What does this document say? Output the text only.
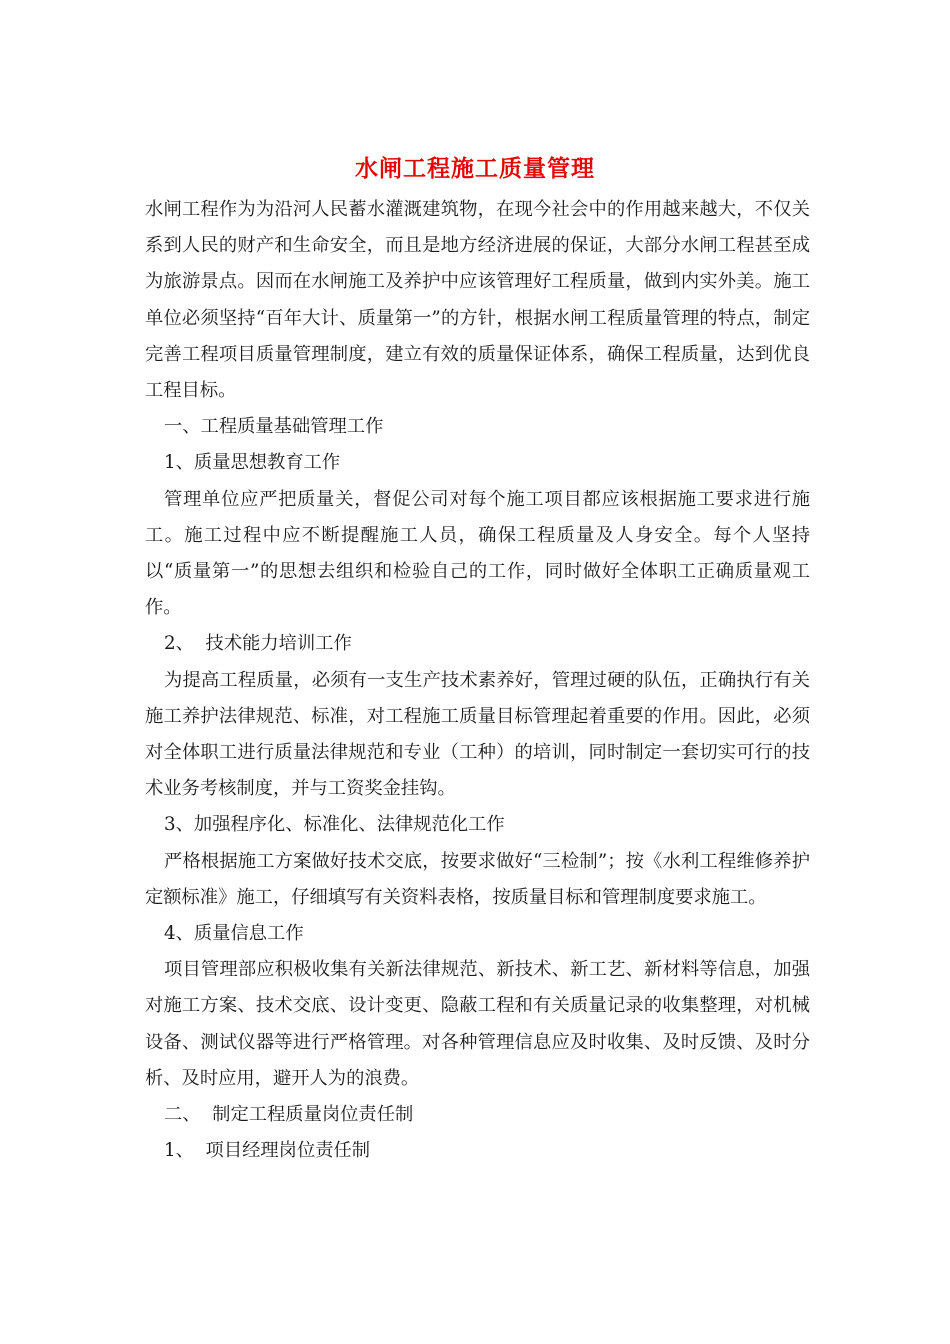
水闸工程施工质量管理

水闸工程作为为沿河人民蓄水灌溉建筑物，在现今社会中的作用越来越大，不仅关系到人民的财产和生命安全，而且是地方经济进展的保证，大部分水闸工程甚至成为旅游景点。因而在水闸施工及养护中应该管理好工程质量，做到内实外美。施工单位必须坚持“百年大计、质量第一”的方针，根据水闸工程质量管理的特点，制定完善工程项目质量管理制度，建立有效的质量保证体系，确保工程质量，达到优良工程目标。

一、工程质量基础管理工作

1、质量思想教育工作

管理单位应严把质量关，督促公司对每个施工项目都应该根据施工要求进行施工。施工过程中应不断提醒施工人员，确保工程质量及人身安全。每个人坚持以“质量第一”的思想去组织和检验自己的工作，同时做好全体职工正确质量观工作。

2、  技术能力培训工作

为提高工程质量，必须有一支生产技术素养好，管理过硬的队伍，正确执行有关施工养护法律规范、标准，对工程施工质量目标管理起着重要的作用。因此，必须对全体职工进行质量法律规范和专业（工种）的培训，同时制定一套切实可行的技术业务考核制度，并与工资奖金挂钩。

3、加强程序化、标准化、法律规范化工作

严格根据施工方案做好技术交底，按要求做好“三检制”；按《水利工程维修养护定额标准》施工，仔细填写有关资料表格，按质量目标和管理制度要求施工。

4、质量信息工作

项目管理部应积极收集有关新法律规范、新技术、新工艺、新材料等信息，加强对施工方案、技术交底、设计变更、隐蔽工程和有关质量记录的收集整理，对机械设备、测试仪器等进行严格管理。对各种管理信息应及时收集、及时反馈、及时分析、及时应用，避开人为的浪费。

二、  制定工程质量岗位责任制

1、  项目经理岗位责任制
